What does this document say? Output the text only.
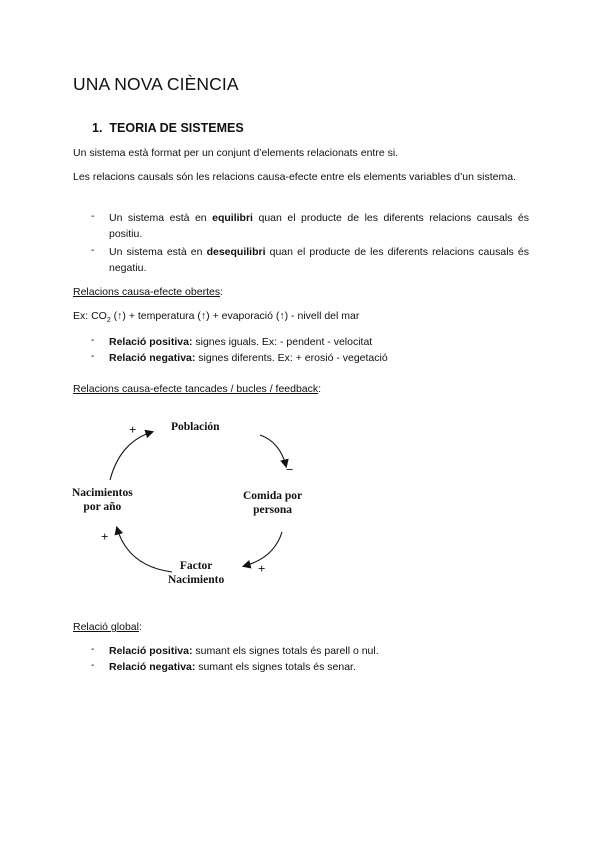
UNA NOVA CIÈNCIA
1. TEORIA DE SISTEMES
Un sistema està format per un conjunt d’elements relacionats entre si.
Les relacions causals són les relacions causa-efecte entre els elements variables d’un sistema.
- Un sistema està en equilibri quan el producte de les diferents relacions causals és positiu.
- Un sistema està en desequilibri quan el producte de les diferents relacions causals és negatiu.
Relacions causa-efecte obertes:
Ex: $CO_2$ (↑) + temperatura (↑) + evaporació (↑) - nivell del mar
- Relació positiva: signes iguals. Ex: - pendent - velocitat
- Relació negativa: signes diferents. Ex: + erosió - vegetació
Relacions causa-efecte tancades / bucles / feedback:
Población
Comida por
persona
Factor
Nacimiento
Nacimientos
por año
+
−
+
+
Relació global:
- Relació positiva: sumant els signes totals és parell o nul.
- Relació negativa: sumant els signes totals és senar.
